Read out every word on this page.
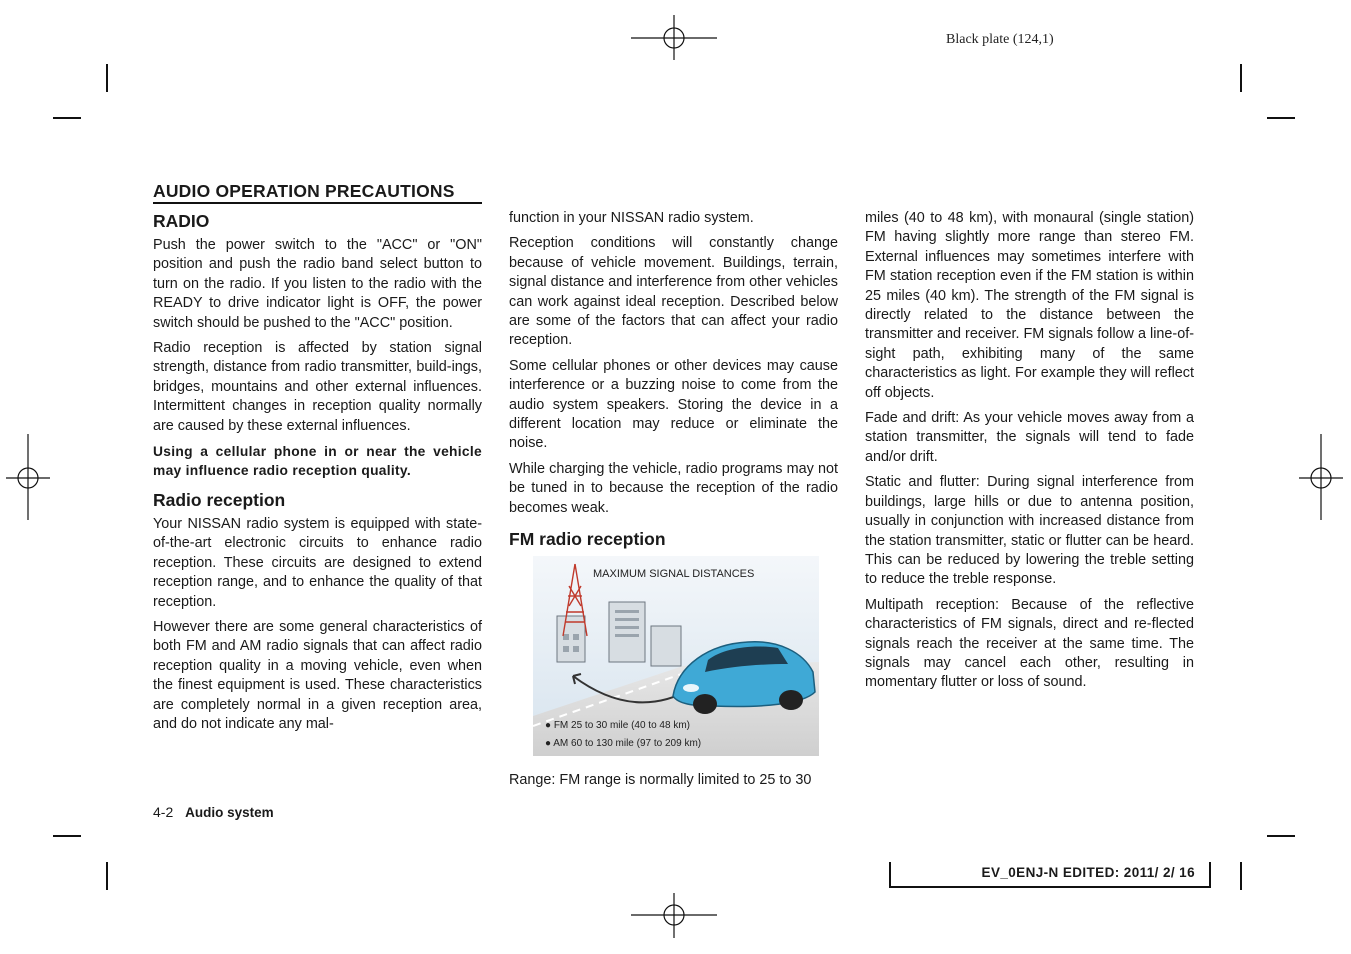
Black plate (124,1)
AUDIO OPERATION PRECAUTIONS
RADIO

Push the power switch to the "ACC" or "ON" position and push the radio band select button to turn on the radio. If you listen to the radio with the READY to drive indicator light is OFF, the power switch should be pushed to the "ACC" position.

Radio reception is affected by station signal strength, distance from radio transmitter, build-ings, bridges, mountains and other external influences. Intermittent changes in reception quality normally are caused by these external influences.

Using a cellular phone in or near the vehicle may influence radio reception quality.

Radio reception

Your NISSAN radio system is equipped with state-of-the-art electronic circuits to enhance radio reception. These circuits are designed to extend reception range, and to enhance the quality of that reception.

However there are some general characteristics of both FM and AM radio signals that can affect radio reception quality in a moving vehicle, even when the finest equipment is used. These characteristics are completely normal in a given reception area, and do not indicate any mal-

function in your NISSAN radio system.

Reception conditions will constantly change because of vehicle movement. Buildings, terrain, signal distance and interference from other vehicles can work against ideal reception. Described below are some of the factors that can affect your radio reception.

Some cellular phones or other devices may cause interference or a buzzing noise to come from the audio system speakers. Storing the device in a different location may reduce or eliminate the noise.

While charging the vehicle, radio programs may not be tuned in to because the reception of the radio becomes weak.

FM radio reception

Range: FM range is normally limited to 25 to 30

MAXIMUM SIGNAL DISTANCES
● FM 25 to 30 mile (40 to 48 km)
● AM 60 to 130 mile (97 to 209 km)

miles (40 to 48 km), with monaural (single station) FM having slightly more range than stereo FM. External influences may sometimes interfere with FM station reception even if the FM station is within 25 miles (40 km). The strength of the FM signal is directly related to the distance between the transmitter and receiver. FM signals follow a line-of-sight path, exhibiting many of the same characteristics as light. For example they will reflect off objects.

Fade and drift: As your vehicle moves away from a station transmitter, the signals will tend to fade and/or drift.

Static and flutter: During signal interference from buildings, large hills or due to antenna position, usually in conjunction with increased distance from the station transmitter, static or flutter can be heard. This can be reduced by lowering the treble setting to reduce the treble response.

Multipath reception: Because of the reflective characteristics of FM signals, direct and re-flected signals reach the receiver at the same time. The signals may cancel each other, resulting in momentary flutter or loss of sound.

4-2 Audio system
EV_0ENJ-N EDITED: 2011/ 2/ 16
